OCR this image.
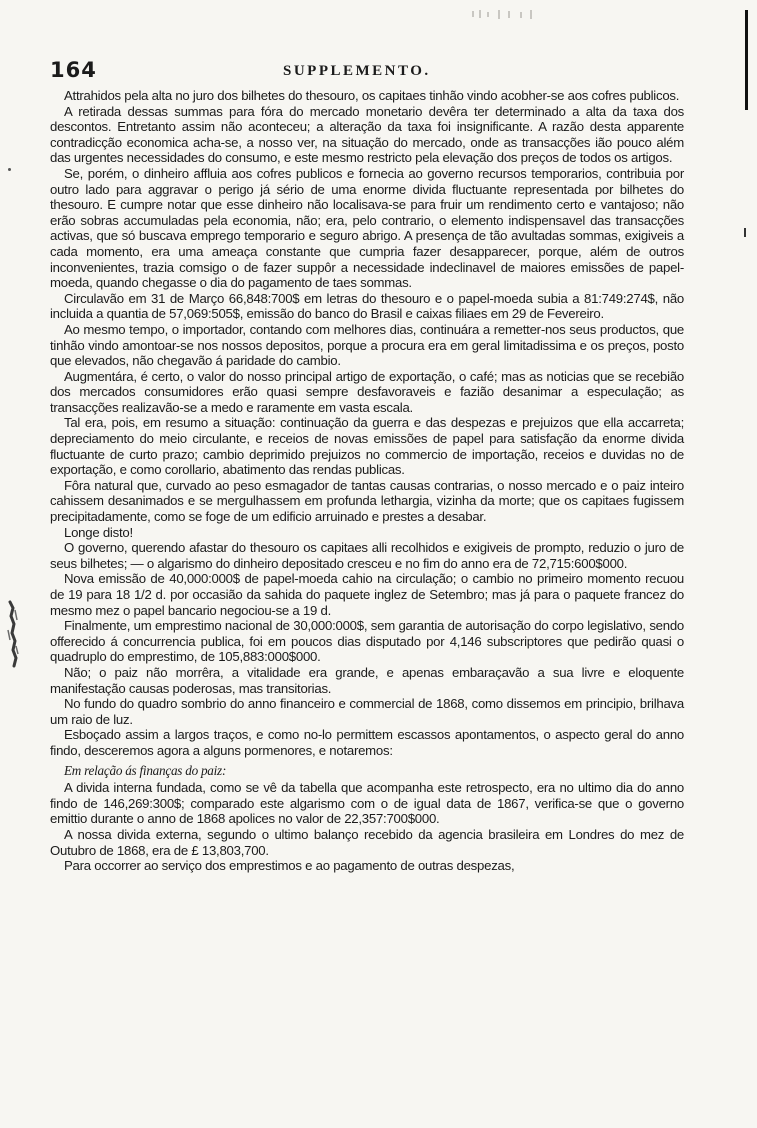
164	SUPPLEMENTO.

Attrahidos pela alta no juro dos bilhetes do thesouro, os capitaes tinhão vindo acobher-se aos cofres publicos.

A retirada dessas summas para fóra do mercado monetario devêra ter determinado a alta da taxa dos descontos. Entretanto assim não aconteceu; a alteração da taxa foi insignificante. A razão desta apparente contradicção economica acha-se, a nosso ver, na situação do mercado, onde as transacções ião pouco além das urgentes necessidades do consumo, e este mesmo restricto pela elevação dos preços de todos os artigos.

Se, porém, o dinheiro affluia aos cofres publicos e fornecia ao governo recursos temporarios, contribuia por outro lado para aggravar o perigo já sério de uma enorme divida fluctuante representada por bilhetes do thesouro. E cumpre notar que esse dinheiro não localisava-se para fruir um rendimento certo e vantajoso; não erão sobras accumuladas pela economia, não; era, pelo contrario, o elemento indispensavel das transacções activas, que só buscava emprego temporario e seguro abrigo. A presença de tão avultadas sommas, exigiveis a cada momento, era uma ameaça constante que cumpria fazer desapparecer, porque, além de outros inconvenientes, trazia comsigo o de fazer suppôr a necessidade indeclinavel de maiores emissões de papel-moeda, quando chegasse o dia do pagamento de taes sommas.

Circulavão em 31 de Março 66,848:700$ em letras do thesouro e o papel-moeda subia a 81:749:274$, não incluida a quantia de 57,069:505$, emissão do banco do Brasil e caixas filiaes em 29 de Fevereiro.

Ao mesmo tempo, o importador, contando com melhores dias, continuára a remetter-nos seus productos, que tinhão vindo amontoar-se nos nossos depositos, porque a procura era em geral limitadissima e os preços, posto que elevados, não chegavão á paridade do cambio.

Augmentára, é certo, o valor do nosso principal artigo de exportação, o café; mas as noticias que se recebião dos mercados consumidores erão quasi sempre desfavoraveis e fazião desanimar a especulação; as transacções realizavão-se a medo e raramente em vasta escala.

Tal era, pois, em resumo a situação: continuação da guerra e das despezas e prejuizos que ella accarreta; depreciamento do meio circulante, e receios de novas emissões de papel para satisfação da enorme divida fluctuante de curto prazo; cambio deprimido prejuizos no commercio de importação, receios e duvidas no de exportação, e como corollario, abatimento das rendas publicas.

Fôra natural que, curvado ao peso esmagador de tantas causas contrarias, o nosso mercado e o paiz inteiro cahissem desanimados e se mergulhassem em profunda lethargia, vizinha da morte; que os capitaes fugissem precipitadamente, como se foge de um edificio arruinado e prestes a desabar.

Longe disto!

O governo, querendo afastar do thesouro os capitaes alli recolhidos e exigiveis de prompto, reduzio o juro de seus bilhetes; — o algarismo do dinheiro depositado cresceu e no fim do anno era de 72,715:600$000.

Nova emissão de 40,000:000$ de papel-moeda cahio na circulação; o cambio no primeiro momento recuou de 19 para 18 1/2 d. por occasião da sahida do paquete inglez de Setembro; mas já para o paquete francez do mesmo mez o papel bancario negociou-se a 19 d.

Finalmente, um emprestimo nacional de 30,000:000$, sem garantia de autorisação do corpo legislativo, sendo offerecido á concurrencia publica, foi em poucos dias disputado por 4,146 subscriptores que pedirão quasi o quadruplo do emprestimo, de 105,883:000$000.

Não; o paiz não morrêra, a vitalidade era grande, e apenas embaraçavão a sua livre e eloquente manifestação causas poderosas, mas transitorias.

No fundo do quadro sombrio do anno financeiro e commercial de 1868, como dissemos em principio, brilhava um raio de luz.

Esboçado assim a largos traços, e como no-lo permittem escassos apontamentos, o aspecto geral do anno findo, desceremos agora a alguns pormenores, e notaremos:

Em relação ás finanças do paiz:

A divida interna fundada, como se vê da tabella que acompanha este retrospecto, era no ultimo dia do anno findo de 146,269:300$; comparado este algarismo com o de igual data de 1867, verifica-se que o governo emittio durante o anno de 1868 apolices no valor de 22,357:700$000.

A nossa divida externa, segundo o ultimo balanço recebido da agencia brasileira em Londres do mez de Outubro de 1868, era de £ 13,803,700.

Para occorrer ao serviço dos emprestimos e ao pagamento de outras despezas,
